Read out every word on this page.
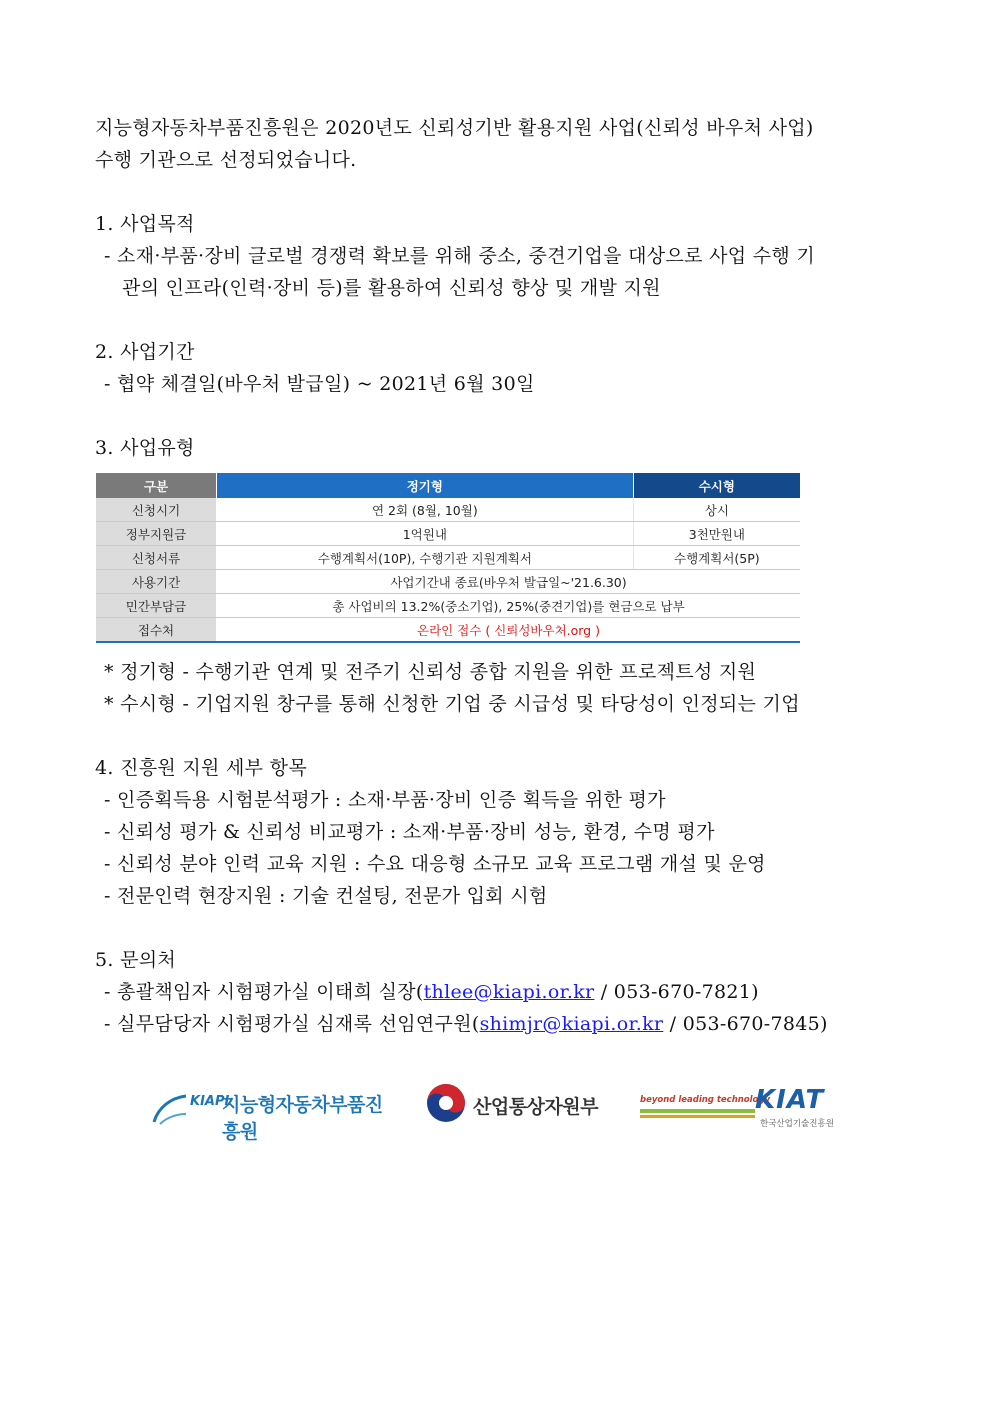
지능형자동차부품진흥원은 2020년도 신뢰성기반 활용지원 사업(신뢰성 바우처 사업)
수행 기관으로 선정되었습니다.
1. 사업목적
- 소재·부품·장비 글로벌 경쟁력 확보를 위해 중소, 중견기업을 대상으로 사업 수행 기
관의 인프라(인력·장비 등)를 활용하여 신뢰성 향상 및 개발 지원
2. 사업기간
- 협약 체결일(바우처 발급일) ~ 2021년 6월 30일
3. 사업유형
구분	정기형	수시형
신청시기	연 2회 (8월, 10월)	상시
정부지원금	1억원내	3천만원내
신청서류	수행계획서(10P), 수행기관 지원계획서	수행계획서(5P)
사용기간	사업기간내 종료(바우처 발급일~'21.6.30)	
민간부담금	총 사업비의 13.2%(중소기업), 25%(중견기업)를 현금으로 납부	
접수처	온라인 접수 ( 신뢰성바우처.org )	
* 정기형 - 수행기관 연계 및 전주기 신뢰성 종합 지원을 위한 프로젝트성 지원
* 수시형 - 기업지원 창구를 통해 신청한 기업 중 시급성 및 타당성이 인정되는 기업
4. 진흥원 지원 세부 항목
- 인증획득용 시험분석평가 : 소재·부품·장비 인증 획득을 위한 평가
- 신뢰성 평가 & 신뢰성 비교평가 : 소재·부품·장비 성능, 환경, 수명 평가
- 신뢰성 분야 인력 교육 지원 : 수요 대응형 소규모 교육 프로그램 개설 및 운영
- 전문인력 현장지원 : 기술 컨설팅, 전문가 입회 시험
5. 문의처
- 총괄책임자 시험평가실 이태희 실장(thlee@kiapi.or.kr / 053-670-7821)
- 실무담당자 시험평가실 심재록 선임연구원(shimjr@kiapi.or.kr / 053-670-7845)
KIAPI
지능형자동차부품진흥원
산업통상자원부	beyond leading technology
KIAT
한국산업기술진흥원
